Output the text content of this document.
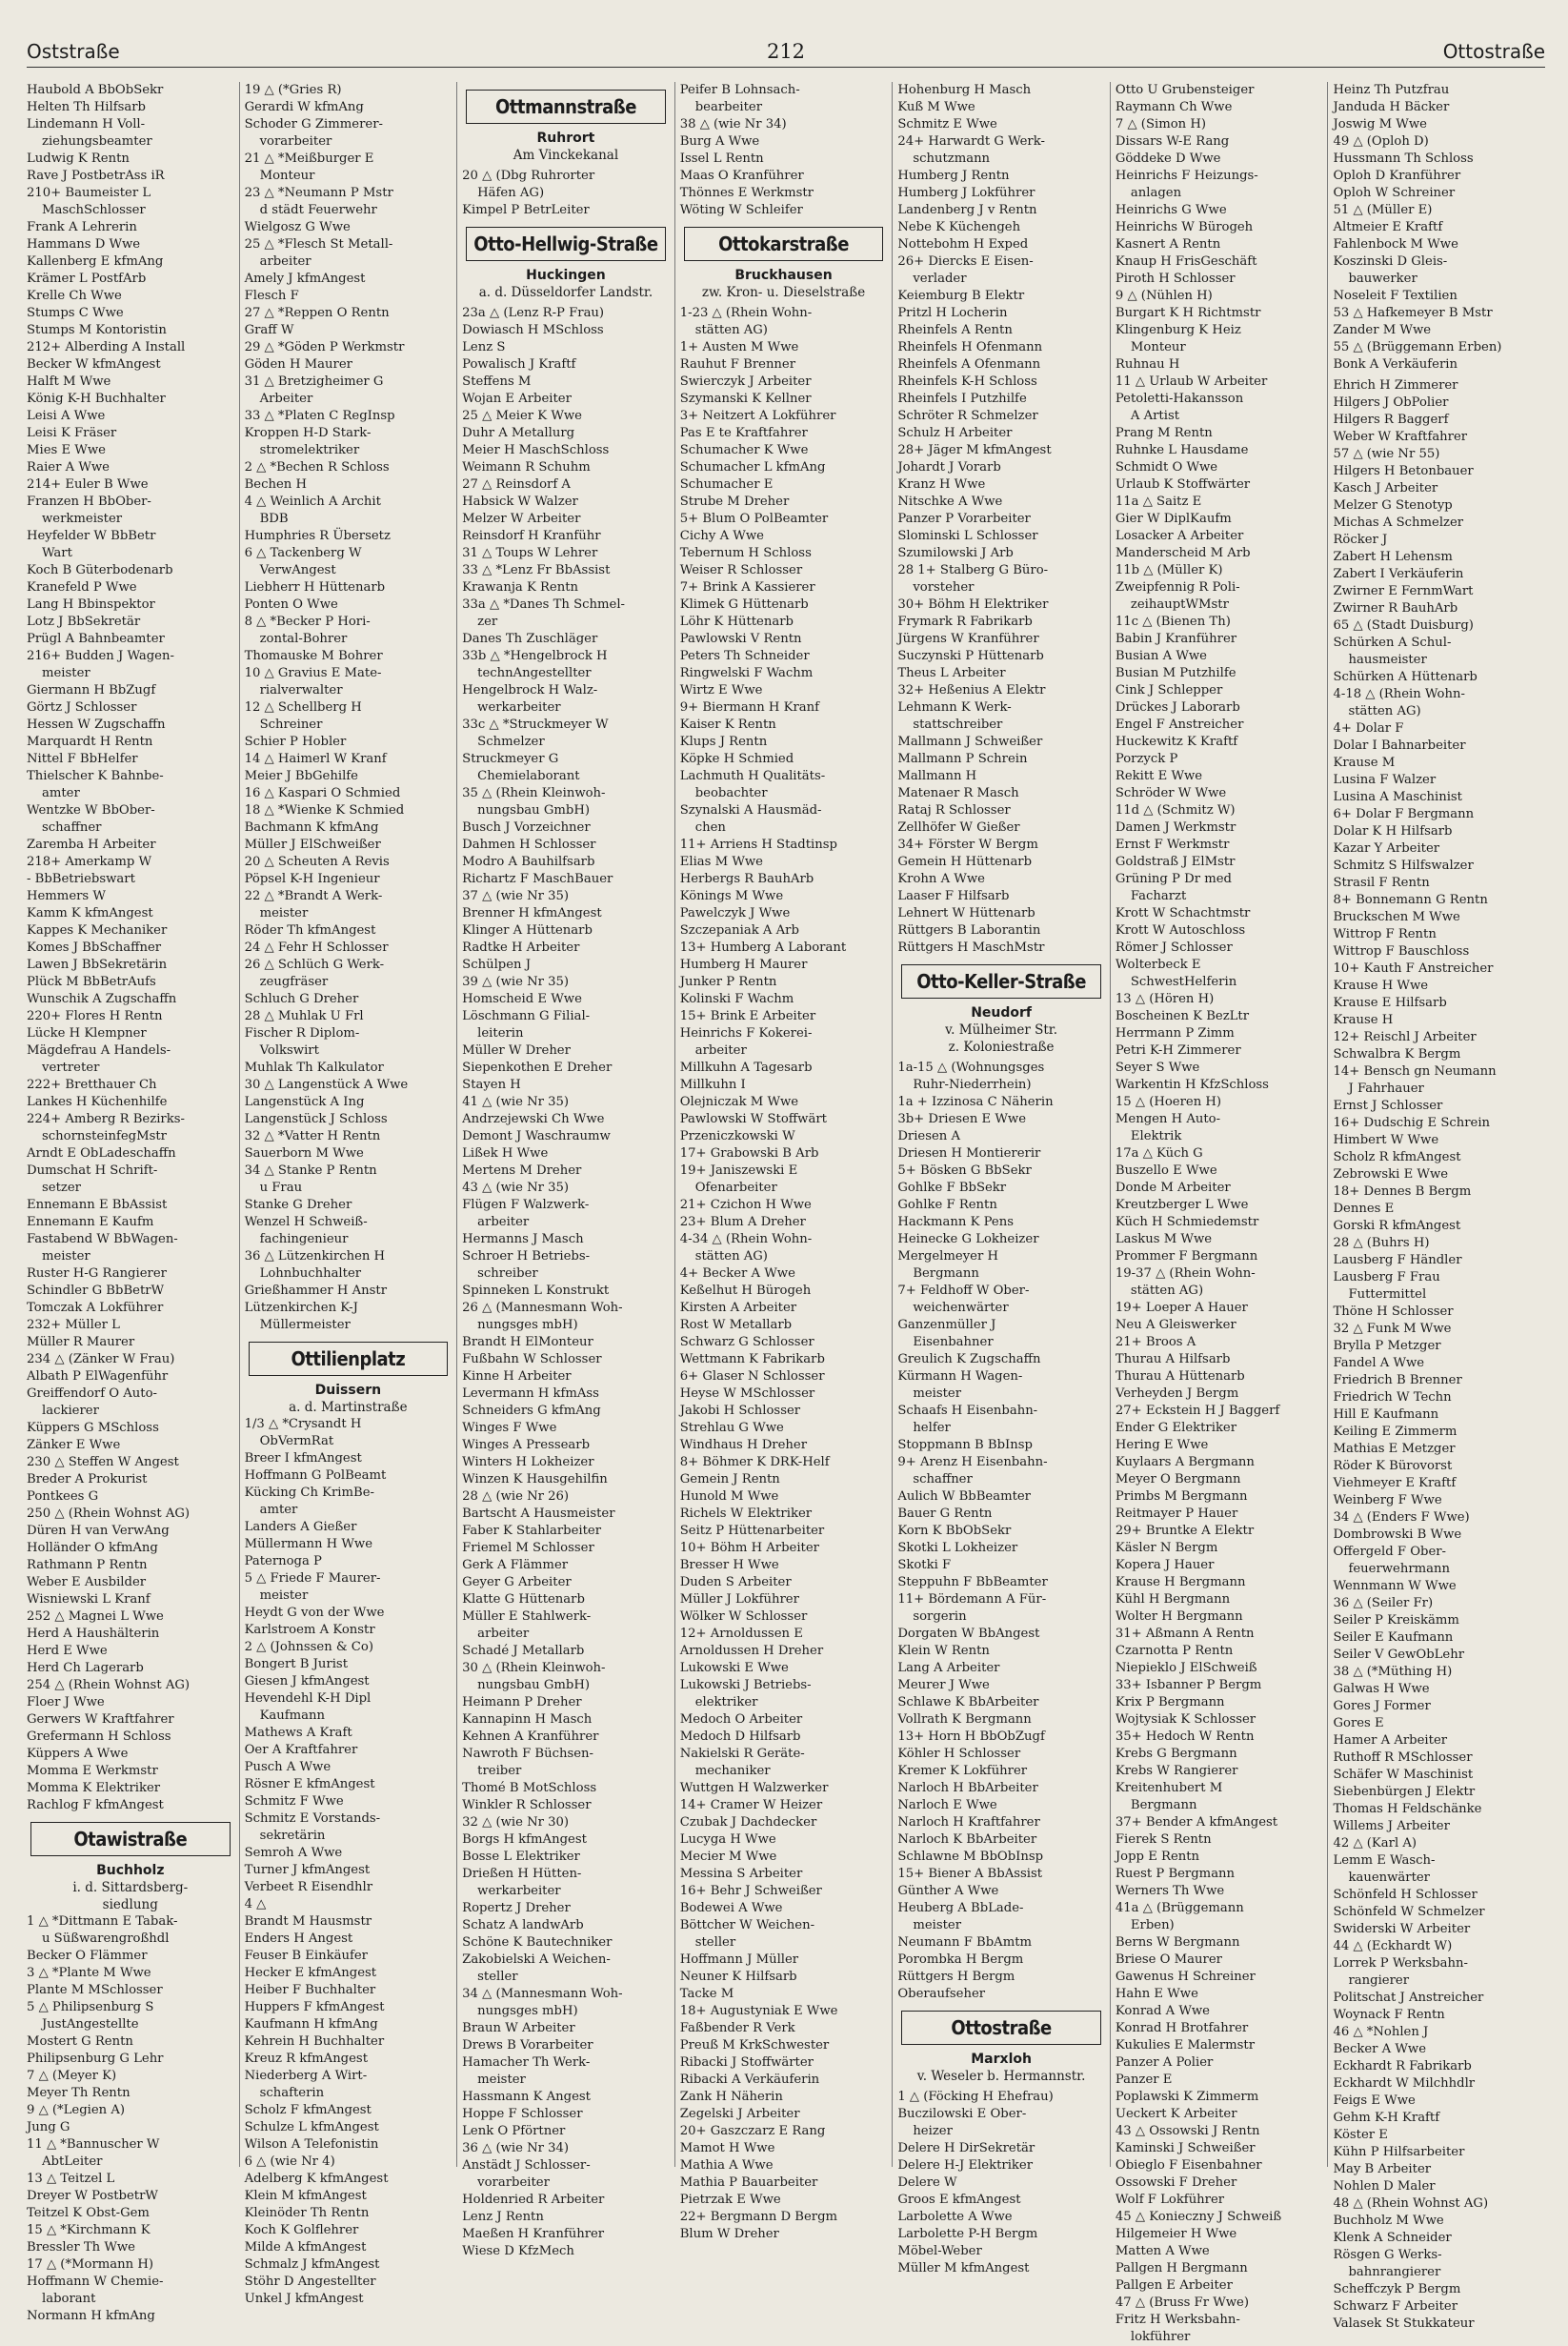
Oststraße	212	Ottostraße
Haubold A BbObSekr
Helten Th Hilfsarb
Lindemann H Voll-
ziehungsbeamter
Ludwig K Rentn
Rave J PostbetrAss iR
210+ Baumeister L
MaschSchlosser
Frank A Lehrerin
Hammans D Wwe
Kallenberg E kfmAng
Krämer L PostfArb
Krelle Ch Wwe
Stumps C Wwe
Stumps M Kontoristin
212+ Alberding A Install
Becker W kfmAngest
Halft M Wwe
König K-H Buchhalter
Leisi A Wwe
Leisi K Fräser
Mies E Wwe
Raier A Wwe
214+ Euler B Wwe
Franzen H BbOber-
werkmeister
Heyfelder W BbBetr
Wart
Koch B Güterbodenarb
Kranefeld P Wwe
Lang H Bbinspektor
Lotz J BbSekretär
Prügl A Bahnbeamter
216+ Budden J Wagen-
meister
Giermann H BbZugf
Görtz J Schlosser
Hessen W Zugschaffn
Marquardt H Rentn
Nittel F BbHelfer
Thielscher K Bahnbe-
amter
Wentzke W BbOber-
schaffner
Zaremba H Arbeiter
218+ Amerkamp W
- BbBetriebswart
Hemmers W
Kamm K kfmAngest
Kappes K Mechaniker
Komes J BbSchaffner
Lawen J BbSekretärin
Plück M BbBetrAufs
Wunschik A Zugschaffn
220+ Flores H Rentn
Lücke H Klempner
Mägdefrau A Handels-
vertreter
222+ Bretthauer Ch
Lankes H Küchenhilfe
224+ Amberg R Bezirks-
schornsteinfegMstr
Arndt E ObLadeschaffn
Dumschat H Schrift-
setzer
Ennemann E BbAssist
Ennemann E Kaufm
Fastabend W BbWagen-
meister
Ruster H-G Rangierer
Schindler G BbBetrW
Tomczak A Lokführer
232+ Müller L
Müller R Maurer
234 △ (Zänker W Frau)
Albath P ElWagenführ
Greiffendorf O Auto-
lackierer
Küppers G MSchloss
Zänker E Wwe
230 △ Steffen W Angest
Breder A Prokurist
Pontkees G
250 △ (Rhein Wohnst AG)
Düren H van VerwAng
Holländer O kfmAng
Rathmann P Rentn
Weber E Ausbilder
Wisniewski L Kranf
252 △ Magnei L Wwe
Herd A Haushälterin
Herd E Wwe
Herd Ch Lagerarb
254 △ (Rhein Wohnst AG)
Floer J Wwe
Gerwers W Kraftfahrer
Grefermann H Schloss
Küppers A Wwe
Momma E Werkmstr
Momma K Elektriker
Rachlog F kfmAngest
Otawistraße
Buchholz
i. d. Sittardsberg-
siedlung
1 △ *Dittmann E Tabak-
u Süßwarengroßhdl
Becker O Flämmer
3 △ *Plante M Wwe
Plante M MSchlosser
5 △ Philipsenburg S
JustAngestellte
Mostert G Rentn
Philipsenburg G Lehr
7 △ (Meyer K)
Meyer Th Rentn
9 △ (*Legien A)
Jung G
11 △ *Bannuscher W
AbtLeiter
13 △ Teitzel L
Dreyer W PostbetrW
Teitzel K Obst-Gem
15 △ *Kirchmann K
Bressler Th Wwe
17 △ (*Mormann H)
Hoffmann W Chemie-
laborant
Normann H kfmAng
19 △ (*Gries R)
Gerardi W kfmAng
Schoder G Zimmerer-
vorarbeiter
21 △ *Meißburger E
Monteur
23 △ *Neumann P Mstr
d städt Feuerwehr
Wielgosz G Wwe
25 △ *Flesch St Metall-
arbeiter
Amely J kfmAngest
Flesch F
27 △ *Reppen O Rentn
Graff W
29 △ *Göden P Werkmstr
Göden H Maurer
31 △ Bretzigheimer G
Arbeiter
33 △ *Platen C RegInsp
Kroppen H-D Stark-
stromelektriker
2 △ *Bechen R Schloss
Bechen H
4 △ Weinlich A Archit
BDB
Humphries R Übersetz
6 △ Tackenberg W
VerwAngest
Liebherr H Hüttenarb
Ponten O Wwe
8 △ *Becker P Hori-
zontal-Bohrer
Thomauske M Bohrer
10 △ Gravius E Mate-
rialverwalter
12 △ Schellberg H
Schreiner
Schier P Hobler
14 △ Haimerl W Kranf
Meier J BbGehilfe
16 △ Kaspari O Schmied
18 △ *Wienke K Schmied
Bachmann K kfmAng
Müller J ElSchweißer
20 △ Scheuten A Revis
Pöpsel K-H Ingenieur
22 △ *Brandt A Werk-
meister
Röder Th kfmAngest
24 △ Fehr H Schlosser
26 △ Schlüch G Werk-
zeugfräser
Schluch G Dreher
28 △ Muhlak U Frl
Fischer R Diplom-
Volkswirt
Muhlak Th Kalkulator
30 △ Langenstück A Wwe
Langenstück A Ing
Langenstück J Schloss
32 △ *Vatter H Rentn
Sauerborn M Wwe
34 △ Stanke P Rentn
u Frau
Stanke G Dreher
Wenzel H Schweiß-
fachingenieur
36 △ Lützenkirchen H
Lohnbuchhalter
Grießhammer H Anstr
Lützenkirchen K-J
Müllermeister
Ottilienplatz
Duissern
a. d. Martinstraße
1/3 △ *Crysandt H
ObVermRat
Breer I kfmAngest
Hoffmann G PolBeamt
Kücking Ch KrimBe-
amter
Landers A Gießer
Müllermann H Wwe
Paternoga P
5 △ Friede F Maurer-
meister
Heydt G von der Wwe
Karlstroem A Konstr
2 △ (Johnssen & Co)
Bongert B Jurist
Giesen J kfmAngest
Hevendehl K-H Dipl
Kaufmann
Mathews A Kraft
Oer A Kraftfahrer
Pusch A Wwe
Rösner E kfmAngest
Schmitz F Wwe
Schmitz E Vorstands-
sekretärin
Semroh A Wwe
Turner J kfmAngest
Verbeet R Eisendhlr
4 △
Brandt M Hausmstr
Enders H Angest
Feuser B Einkäufer
Hecker E kfmAngest
Heiber F Buchhalter
Huppers F kfmAngest
Kaufmann H kfmAng
Kehrein H Buchhalter
Kreuz R kfmAngest
Niederberg A Wirt-
schafterin
Scholz F kfmAngest
Schulze L kfmAngest
Wilson A Telefonistin
6 △ (wie Nr 4)
Adelberg K kfmAngest
Klein M kfmAngest
Kleinöder Th Rentn
Koch K Golflehrer
Milde A kfmAngest
Schmalz J kfmAngest
Stöhr D Angestellter
Unkel J kfmAngest
Ottmannstraße
Ruhrort
Am Vinckekanal
20 △ (Dbg Ruhrorter
Häfen AG)
Kimpel P BetrLeiter
Otto-Hellwig-Straße
Huckingen
a. d. Düsseldorfer Landstr.
23a △ (Lenz R-P Frau)
Dowiasch H MSchloss
Lenz S
Powalisch J Kraftf
Steffens M
Wojan E Arbeiter
25 △ Meier K Wwe
Duhr A Metallurg
Meier H MaschSchloss
Weimann R Schuhm
27 △ Reinsdorf A
Habsick W Walzer
Melzer W Arbeiter
Reinsdorf H Kranführ
31 △ Toups W Lehrer
33 △ *Lenz Fr BbAssist
Krawanja K Rentn
33a △ *Danes Th Schmel-
zer
Danes Th Zuschläger
33b △ *Hengelbrock H
technAngestellter
Hengelbrock H Walz-
werkarbeiter
33c △ *Struckmeyer W
Schmelzer
Struckmeyer G
Chemielaborant
35 △ (Rhein Kleinwoh-
nungsbau GmbH)
Busch J Vorzeichner
Dahmen H Schlosser
Modro A Bauhilfsarb
Richartz F MaschBauer
37 △ (wie Nr 35)
Brenner H kfmAngest
Klinger A Hüttenarb
Radtke H Arbeiter
Schülpen J
39 △ (wie Nr 35)
Homscheid E Wwe
Löschmann G Filial-
leiterin
Müller W Dreher
Siepenkothen E Dreher
Stayen H
41 △ (wie Nr 35)
Andrzejewski Ch Wwe
Demont J Waschraumw
Lißek H Wwe
Mertens M Dreher
43 △ (wie Nr 35)
Flügen F Walzwerk-
arbeiter
Hermanns J Masch
Schroer H Betriebs-
schreiber
Spinneken L Konstrukt
26 △ (Mannesmann Woh-
nungsges mbH)
Brandt H ElMonteur
Fußbahn W Schlosser
Kinne H Arbeiter
Levermann H kfmAss
Schneiders G kfmAng
Winges F Wwe
Winges A Pressearb
Winters H Lokheizer
Winzen K Hausgehilfin
28 △ (wie Nr 26)
Bartscht A Hausmeister
Faber K Stahlarbeiter
Friemel M Schlosser
Gerk A Flämmer
Geyer G Arbeiter
Klatte G Hüttenarb
Müller E Stahlwerk-
arbeiter
Schadé J Metallarb
30 △ (Rhein Kleinwoh-
nungsbau GmbH)
Heimann P Dreher
Kannapinn H Masch
Kehnen A Kranführer
Nawroth F Büchsen-
treiber
Thomé B MotSchloss
Winkler R Schlosser
32 △ (wie Nr 30)
Borgs H kfmAngest
Bosse L Elektriker
Drießen H Hütten-
werkarbeiter
Ropertz J Dreher
Schatz A landwArb
Schöne K Bautechniker
Zakobielski A Weichen-
steller
34 △ (Mannesmann Woh-
nungsges mbH)
Braun W Arbeiter
Drews B Vorarbeiter
Hamacher Th Werk-
meister
Hassmann K Angest
Hoppe F Schlosser
Lenk O Pförtner
36 △ (wie Nr 34)
Anstädt J Schlosser-
vorarbeiter
Holdenried R Arbeiter
Lenz J Rentn
Maeßen H Kranführer
Wiese D KfzMech
Peifer B Lohnsach-
bearbeiter
38 △ (wie Nr 34)
Burg A Wwe
Issel L Rentn
Maas O Kranführer
Thönnes E Werkmstr
Wöting W Schleifer
Ottokarstraße
Bruckhausen
zw. Kron- u. Dieselstraße
1-23 △ (Rhein Wohn-
stätten AG)
1+ Austen M Wwe
Rauhut F Brenner
Swierczyk J Arbeiter
Szymanski K Kellner
3+ Neitzert A Lokführer
Pas E te Kraftfahrer
Schumacher K Wwe
Schumacher L kfmAng
Schumacher E
Strube M Dreher
5+ Blum O PolBeamter
Cichy A Wwe
Tebernum H Schloss
Weiser R Schlosser
7+ Brink A Kassierer
Klimek G Hüttenarb
Löhr K Hüttenarb
Pawlowski V Rentn
Peters Th Schneider
Ringwelski F Wachm
Wirtz E Wwe
9+ Biermann H Kranf
Kaiser K Rentn
Klups J Rentn
Köpke H Schmied
Lachmuth H Qualitäts-
beobachter
Szynalski A Hausmäd-
chen
11+ Arriens H Stadtinsp
Elias M Wwe
Herbergs R BauhArb
Könings M Wwe
Pawelczyk J Wwe
Szczepaniak A Arb
13+ Humberg A Laborant
Humberg H Maurer
Junker P Rentn
Kolinski F Wachm
15+ Brink E Arbeiter
Heinrichs F Kokerei-
arbeiter
Millkuhn A Tagesarb
Millkuhn I
Olejniczak M Wwe
Pawlowski W Stoffwärt
Przeniczkowski W
17+ Grabowski B Arb
19+ Janiszewski E
Ofenarbeiter
21+ Czichon H Wwe
23+ Blum A Dreher
4-34 △ (Rhein Wohn-
stätten AG)
4+ Becker A Wwe
Keßelhut H Bürogeh
Kirsten A Arbeiter
Rost W Metallarb
Schwarz G Schlosser
Wettmann K Fabrikarb
6+ Glaser N Schlosser
Heyse W MSchlosser
Jakobi H Schlosser
Strehlau G Wwe
Windhaus H Dreher
8+ Böhmer K DRK-Helf
Gemein J Rentn
Hunold M Wwe
Richels W Elektriker
Seitz P Hüttenarbeiter
10+ Böhm H Arbeiter
Bresser H Wwe
Duden S Arbeiter
Müller J Lokführer
Wölker W Schlosser
12+ Arnoldussen E
Arnoldussen H Dreher
Lukowski E Wwe
Lukowski J Betriebs-
elektriker
Medoch O Arbeiter
Medoch D Hilfsarb
Nakielski R Geräte-
mechaniker
Wuttgen H Walzwerker
14+ Cramer W Heizer
Czubak J Dachdecker
Lucyga H Wwe
Mecier M Wwe
Messina S Arbeiter
16+ Behr J Schweißer
Bodewei A Wwe
Böttcher W Weichen-
steller
Hoffmann J Müller
Neuner K Hilfsarb
Tacke M
18+ Augustyniak E Wwe
Faßbender R Verk
Preuß M KrkSchwester
Ribacki J Stoffwärter
Ribacki A Verkäuferin
Zank H Näherin
Zegelski J Arbeiter
20+ Gaszczarz E Rang
Mamot H Wwe
Mathia A Wwe
Mathia P Bauarbeiter
Pietrzak E Wwe
22+ Bergmann D Bergm
Blum W Dreher
Hohenburg H Masch
Kuß M Wwe
Schmitz E Wwe
24+ Harwardt G Werk-
schutzmann
Humberg J Rentn
Humberg J Lokführer
Landenberg J v Rentn
Nebe K Küchengeh
Nottebohm H Exped
26+ Diercks E Eisen-
verlader
Keiemburg B Elektr
Pritzl H Locherin
Rheinfels A Rentn
Rheinfels H Ofenmann
Rheinfels A Ofenmann
Rheinfels K-H Schloss
Rheinfels I Putzhilfe
Schröter R Schmelzer
Schulz H Arbeiter
28+ Jäger M kfmAngest
Johardt J Vorarb
Kranz H Wwe
Nitschke A Wwe
Panzer P Vorarbeiter
Slominski L Schlosser
Szumilowski J Arb
28 1+ Stalberg G Büro-
vorsteher
30+ Böhm H Elektriker
Frymark R Fabrikarb
Jürgens W Kranführer
Suczynski P Hüttenarb
Theus L Arbeiter
32+ Heßenius A Elektr
Lehmann K Werk-
stattschreiber
Mallmann J Schweißer
Mallmann P Schrein
Mallmann H
Matenaer R Masch
Rataj R Schlosser
Zellhöfer W Gießer
34+ Förster W Bergm
Gemein H Hüttenarb
Krohn A Wwe
Laaser F Hilfsarb
Lehnert W Hüttenarb
Rüttgers B Laborantin
Rüttgers H MaschMstr
Otto-Keller-Straße
Neudorf
v. Mülheimer Str.
z. Koloniestraße
1a-15 △ (Wohnungsges
Ruhr-Niederrhein)
1a + Izzinosa C Näherin
3b+ Driesen E Wwe
Driesen A
Driesen H Montiererir
5+ Bösken G BbSekr
Gohlke F BbSekr
Gohlke F Rentn
Hackmann K Pens
Heinecke G Lokheizer
Mergelmeyer H
Bergmann
7+ Feldhoff W Ober-
weichenwärter
Ganzenmüller J
Eisenbahner
Greulich K Zugschaffn
Kürmann H Wagen-
meister
Schaafs H Eisenbahn-
helfer
Stoppmann B BbInsp
9+ Arenz H Eisenbahn-
schaffner
Aulich W BbBeamter
Bauer G Rentn
Korn K BbObSekr
Skotki L Lokheizer
Skotki F
Steppuhn F BbBeamter
11+ Bördemann A Für-
sorgerin
Dorgaten W BbAngest
Klein W Rentn
Lang A Arbeiter
Meurer J Wwe
Schlawe K BbArbeiter
Vollrath K Bergmann
13+ Horn H BbObZugf
Köhler H Schlosser
Kremer K Lokführer
Narloch H BbArbeiter
Narloch E Wwe
Narloch H Kraftfahrer
Narloch K BbArbeiter
Schlawne M BbObInsp
15+ Biener A BbAssist
Günther A Wwe
Heuberg A BbLade-
meister
Neumann F BbAmtm
Porombka H Bergm
Rüttgers H Bergm
Oberaufseher
Ottostraße
Marxloh
v. Weseler b. Hermannstr.
1 △ (Föcking H Ehefrau)
Buczilowski E Ober-
heizer
Delere H DirSekretär
Delere H-J Elektriker
Delere W
Groos E kfmAngest
Larbolette A Wwe
Larbolette P-H Bergm
Möbel-Weber
Müller M kfmAngest
Otto U Grubensteiger
Raymann Ch Wwe
7 △ (Simon H)
Dissars W-E Rang
Göddeke D Wwe
Heinrichs F Heizungs-
anlagen
Heinrichs G Wwe
Heinrichs W Bürogeh
Kasnert A Rentn
Knaup H FrisGeschäft
Piroth H Schlosser
9 △ (Nühlen H)
Burgart K H Richtmstr
Klingenburg K Heiz
Monteur
Ruhnau H
11 △ Urlaub W Arbeiter
Petoletti-Hakansson
A Artist
Prang M Rentn
Ruhnke L Hausdame
Schmidt O Wwe
Urlaub K Stoffwärter
11a △ Saitz E
Gier W DiplKaufm
Losacker A Arbeiter
Manderscheid M Arb
11b △ (Müller K)
Zweipfennig R Poli-
zeihauptWMstr
11c △ (Bienen Th)
Babin J Kranführer
Busian A Wwe
Busian M Putzhilfe
Cink J Schlepper
Drückes J Laborarb
Engel F Anstreicher
Huckewitz K Kraftf
Porzyck P
Rekitt E Wwe
Schröder W Wwe
11d △ (Schmitz W)
Damen J Werkmstr
Ernst F Werkmstr
Goldstraß J ElMstr
Grüning P Dr med
Facharzt
Krott W Schachtmstr
Krott W Autoschloss
Römer J Schlosser
Wolterbeck E
SchwestHelferin
13 △ (Hören H)
Boscheinen K BezLtr
Herrmann P Zimm
Petri K-H Zimmerer
Seyer S Wwe
Warkentin H KfzSchloss
15 △ (Hoeren H)
Mengen H Auto-
Elektrik
17a △ Küch G
Buszello E Wwe
Donde M Arbeiter
Kreutzberger L Wwe
Küch H Schmiedemstr
Laskus M Wwe
Prommer F Bergmann
19-37 △ (Rhein Wohn-
stätten AG)
19+ Loeper A Hauer
Neu A Gleiswerker
21+ Broos A
Thurau A Hilfsarb
Thurau A Hüttenarb
Verheyden J Bergm
27+ Eckstein H J Baggerf
Ender G Elektriker
Hering E Wwe
Kuylaars A Bergmann
Meyer O Bergmann
Primbs M Bergmann
Reitmayer P Hauer
29+ Bruntke A Elektr
Käsler N Bergm
Kopera J Hauer
Krause H Bergmann
Kühl H Bergmann
Wolter H Bergmann
31+ Aßmann A Rentn
Czarnotta P Rentn
Niepieklo J ElSchweiß
33+ Isbanner P Bergm
Krix P Bergmann
Wojtysiak K Schlosser
35+ Hedoch W Rentn
Krebs G Bergmann
Krebs W Rangierer
Kreitenhubert M
Bergmann
37+ Bender A kfmAngest
Fierek S Rentn
Jopp E Rentn
Ruest P Bergmann
Werners Th Wwe
41a △ (Brüggemann
Erben)
Berns W Bergmann
Briese O Maurer
Gawenus H Schreiner
Hahn E Wwe
Konrad A Wwe
Konrad H Brotfahrer
Kukulies E Malermstr
Panzer A Polier
Panzer E
Poplawski K Zimmerm
Ueckert K Arbeiter
43 △ Ossowski J Rentn
Kaminski J Schweißer
Obieglo F Eisenbahner
Ossowski F Dreher
Wolf F Lokführer
45 △ Konieczny J Schweiß
Hilgemeier H Wwe
Matten A Wwe
Pallgen H Bergmann
Pallgen E Arbeiter
47 △ (Bruss Fr Wwe)
Fritz H Werksbahn-
lokführer
Heinz Th Putzfrau
Janduda H Bäcker
Joswig M Wwe
49 △ (Oploh D)
Hussmann Th Schloss
Oploh D Kranführer
Oploh W Schreiner
51 △ (Müller E)
Altmeier E Kraftf
Fahlenbock M Wwe
Koszinski D Gleis-
bauwerker
Noseleit F Textilien
53 △ Hafkemeyer B Mstr
Zander M Wwe
55 △ (Brüggemann Erben)
Bonk A Verkäuferin
Ehrich H Zimmerer
Hilgers J ObPolier
Hilgers R Baggerf
Weber W Kraftfahrer
57 △ (wie Nr 55)
Hilgers H Betonbauer
Kasch J Arbeiter
Melzer G Stenotyp
Michas A Schmelzer
Röcker J
Zabert H Lehensm
Zabert I Verkäuferin
Zwirner E FernmWart
Zwirner R BauhArb
65 △ (Stadt Duisburg)
Schürken A Schul-
hausmeister
Schürken A Hüttenarb
4-18 △ (Rhein Wohn-
stätten AG)
4+ Dolar F
Dolar I Bahnarbeiter
Krause M
Lusina F Walzer
Lusina A Maschinist
6+ Dolar F Bergmann
Dolar K H Hilfsarb
Kazar Y Arbeiter
Schmitz S Hilfswalzer
Strasil F Rentn
8+ Bonnemann G Rentn
Bruckschen M Wwe
Wittrop F Rentn
Wittrop F Bauschloss
10+ Kauth F Anstreicher
Krause H Wwe
Krause E Hilfsarb
Krause H
12+ Reischl J Arbeiter
Schwalbra K Bergm
14+ Bensch gn Neumann
J Fahrhauer
Ernst J Schlosser
16+ Dudschig E Schrein
Himbert W Wwe
Scholz R kfmAngest
Zebrowski E Wwe
18+ Dennes B Bergm
Dennes E
Gorski R kfmAngest
28 △ (Buhrs H)
Lausberg F Händler
Lausberg F Frau
Futtermittel
Thöne H Schlosser
32 △ Funk M Wwe
Brylla P Metzger
Fandel A Wwe
Friedrich B Brenner
Friedrich W Techn
Hill E Kaufmann
Keiling E Zimmerm
Mathias E Metzger
Röder K Bürovorst
Viehmeyer E Kraftf
Weinberg F Wwe
34 △ (Enders F Wwe)
Dombrowski B Wwe
Offergeld F Ober-
feuerwehrmann
Wennmann W Wwe
36 △ (Seiler Fr)
Seiler P Kreiskämm
Seiler E Kaufmann
Seiler V GewObLehr
38 △ (*Müthing H)
Galwas H Wwe
Gores J Former
Gores E
Hamer A Arbeiter
Ruthoff R MSchlosser
Schäfer W Maschinist
Siebenbürgen J Elektr
Thomas H Feldschänke
Willems J Arbeiter
42 △ (Karl A)
Lemm E Wasch-
kauenwärter
Schönfeld H Schlosser
Schönfeld W Schmelzer
Swiderski W Arbeiter
44 △ (Eckhardt W)
Lorrek P Werksbahn-
rangierer
Politschat J Anstreicher
Woynack F Rentn
46 △ *Nohlen J
Becker A Wwe
Eckhardt R Fabrikarb
Eckhardt W Milchhdlr
Feigs E Wwe
Gehm K-H Kraftf
Köster E
Kühn P Hilfsarbeiter
May B Arbeiter
Nohlen D Maler
48 △ (Rhein Wohnst AG)
Buchholz M Wwe
Klenk A Schneider
Rösgen G Werks-
bahnrangierer
Scheffczyk P Bergm
Schwarz F Arbeiter
Valasek St Stukkateur
